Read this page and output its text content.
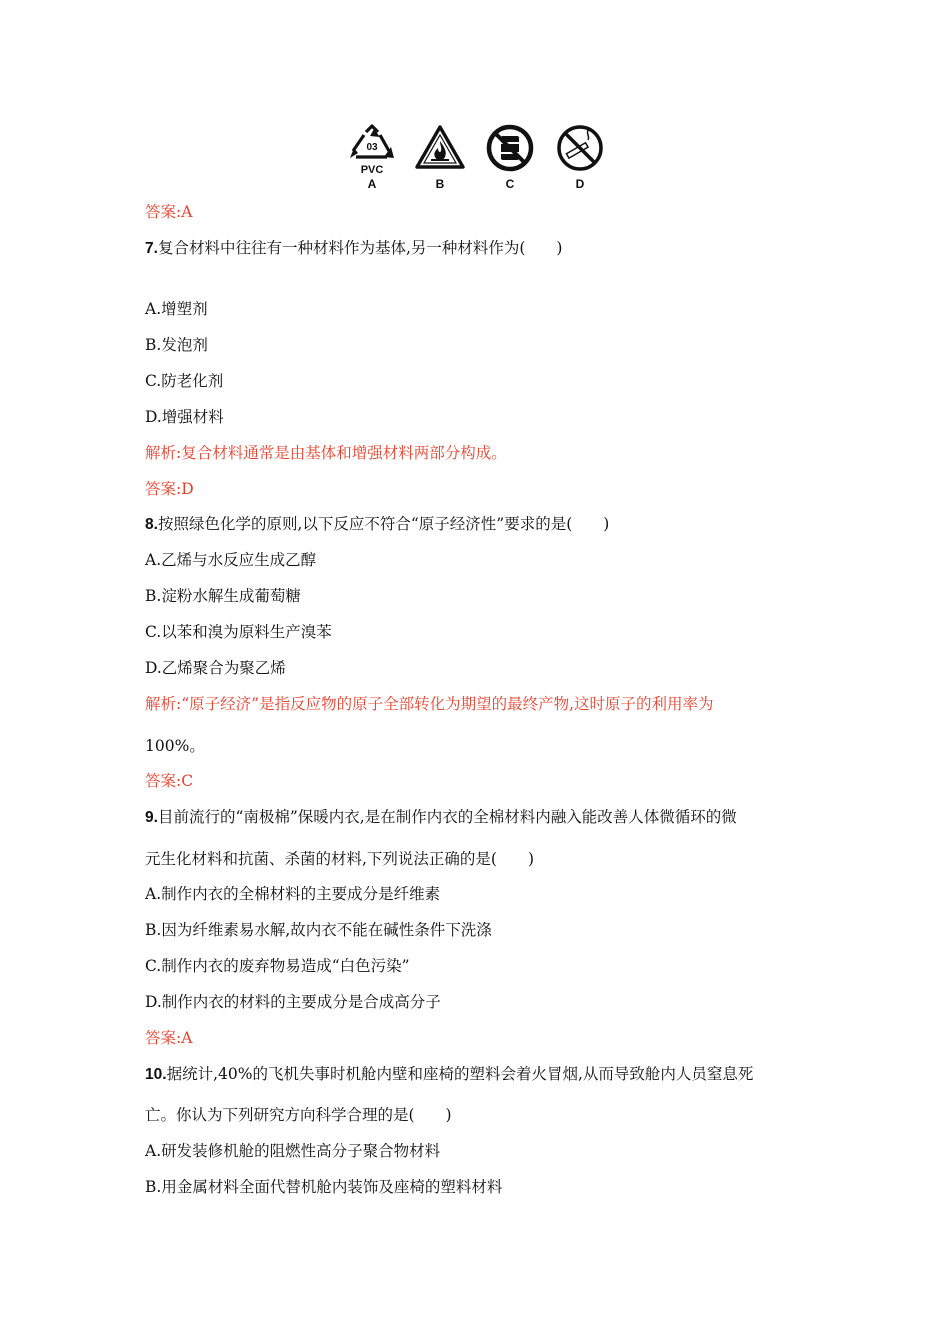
03
PVC
A	B	C	D
答案:A
7.复合材料中往往有一种材料作为基体,另一种材料作为(　　)
A.增塑剂
B.发泡剂
C.防老化剂
D.增强材料
解析:复合材料通常是由基体和增强材料两部分构成。
答案:D
8.按照绿色化学的原则,以下反应不符合“原子经济性”要求的是(　　)
A.乙烯与水反应生成乙醇
B.淀粉水解生成葡萄糖
C.以苯和溴为原料生产溴苯
D.乙烯聚合为聚乙烯
解析:“原子经济”是指反应物的原子全部转化为期望的最终产物,这时原子的利用率为
100%。
答案:C
9.目前流行的“南极棉”保暖内衣,是在制作内衣的全棉材料内融入能改善人体微循环的微
元生化材料和抗菌、杀菌的材料,下列说法正确的是(　　)
A.制作内衣的全棉材料的主要成分是纤维素
B.因为纤维素易水解,故内衣不能在碱性条件下洗涤
C.制作内衣的废弃物易造成“白色污染”
D.制作内衣的材料的主要成分是合成高分子
答案:A
10.据统计,40%的飞机失事时机舱内壁和座椅的塑料会着火冒烟,从而导致舱内人员窒息死
亡。你认为下列研究方向科学合理的是(　　)
A.研发装修机舱的阻燃性高分子聚合物材料
B.用金属材料全面代替机舱内装饰及座椅的塑料材料
